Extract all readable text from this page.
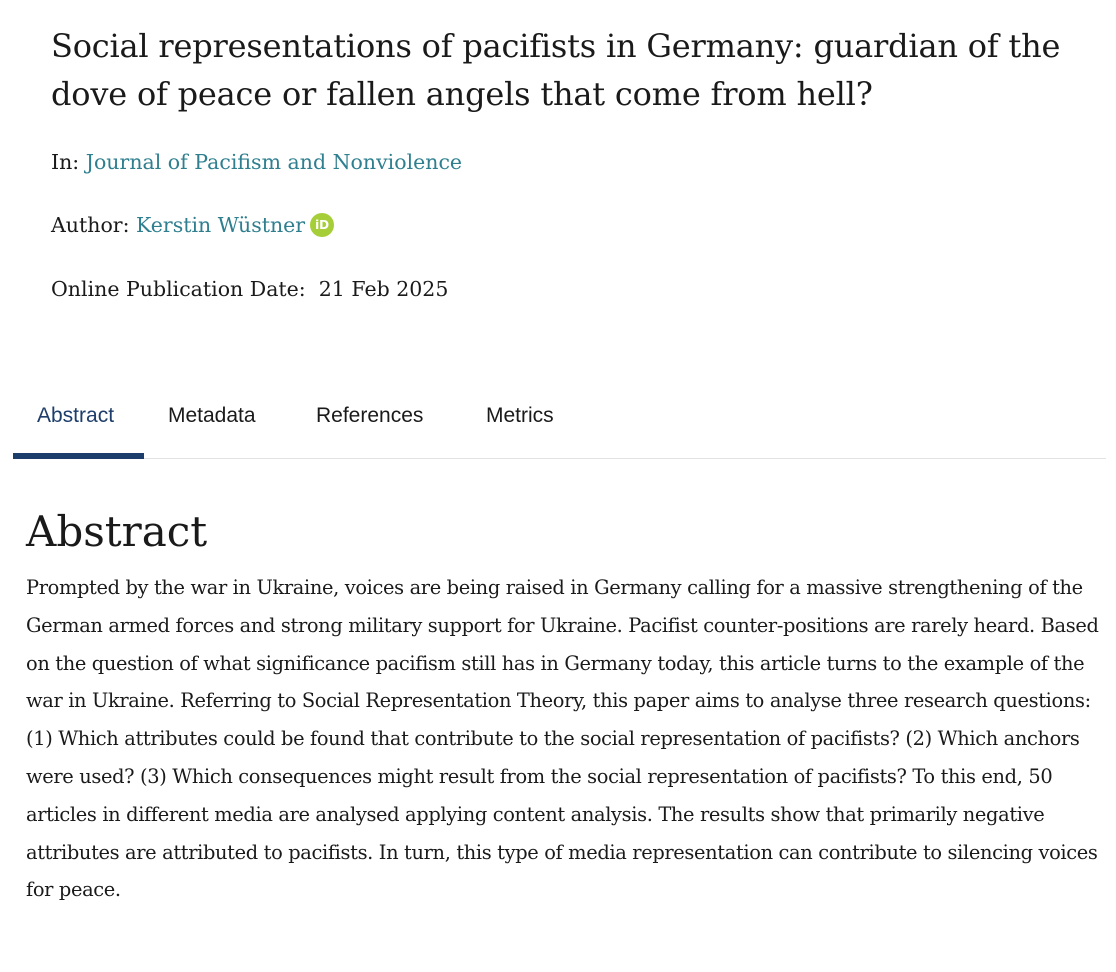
Social representations of pacifists in Germany: guardian of the dove of peace or fallen angels that come from hell?
In: Journal of Pacifism and Nonviolence
Author: Kerstin Wüstner iD
Online Publication Date: 21 Feb 2025
Abstract	Metadata	References	Metrics
Abstract

Prompted by the war in Ukraine, voices are being raised in Germany calling for a massive strengthening of the German armed forces and strong military support for Ukraine. Pacifist counter-positions are rarely heard. Based on the question of what significance pacifism still has in Germany today, this article turns to the example of the war in Ukraine. Referring to Social Representation Theory, this paper aims to analyse three research questions: (1) Which attributes could be found that contribute to the social representation of pacifists? (2) Which anchors were used? (3) Which consequences might result from the social representation of pacifists? To this end, 50 articles in different media are analysed applying content analysis. The results show that primarily negative attributes are attributed to pacifists. In turn, this type of media representation can contribute to silencing voices for peace.
